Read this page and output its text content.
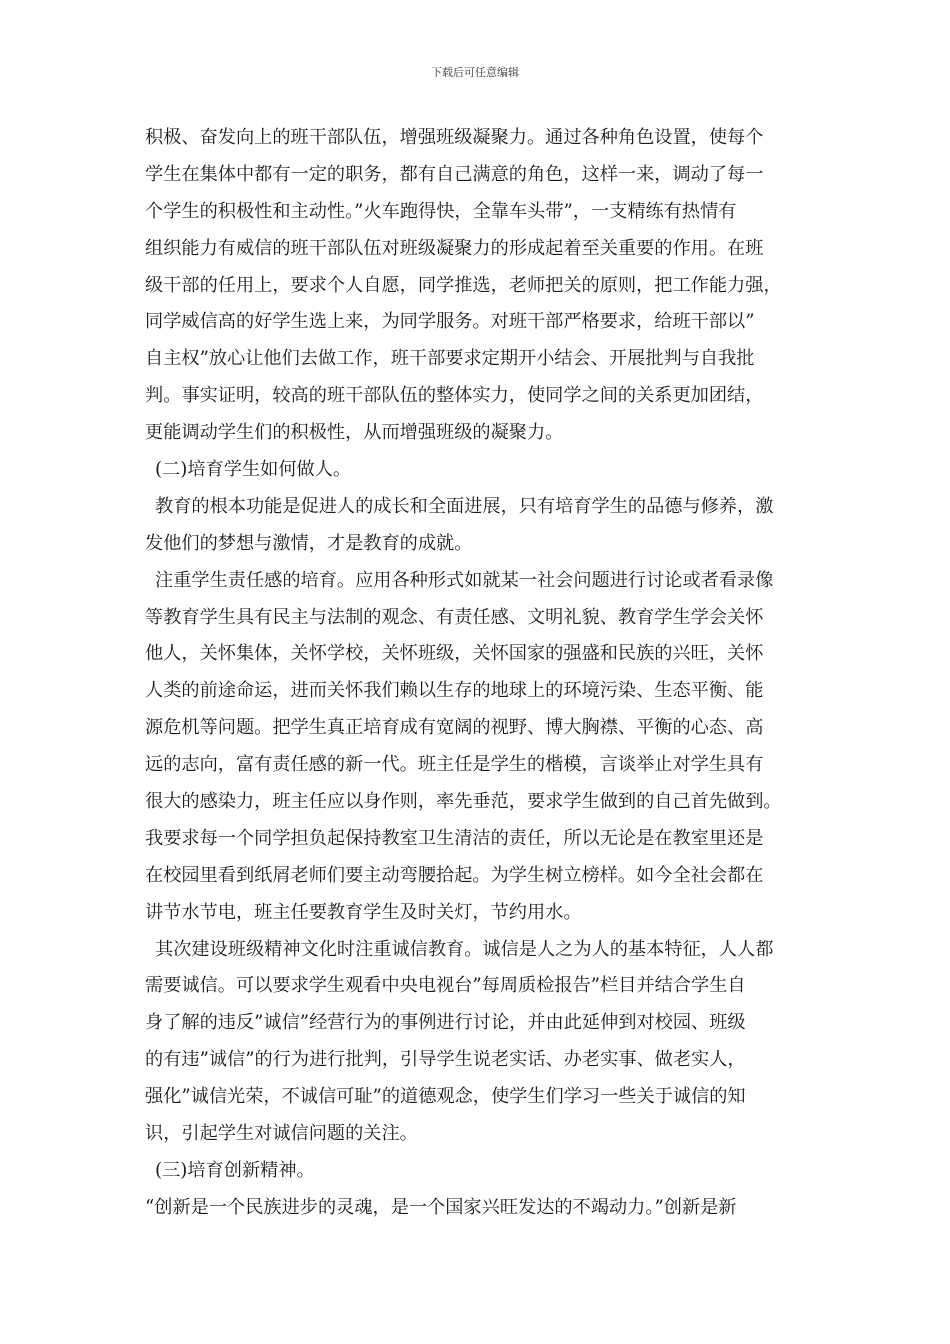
下载后可任意编辑
积极、奋发向上的班干部队伍，增强班级凝聚力。通过各种角色设置，使每个
学生在集体中都有一定的职务，都有自己满意的角色，这样一来，调动了每一
个学生的积极性和主动性。”火车跑得快，全靠车头带”，一支精练有热情有
组织能力有威信的班干部队伍对班级凝聚力的形成起着至关重要的作用。在班
级干部的任用上，要求个人自愿，同学推选，老师把关的原则，把工作能力强，
同学威信高的好学生选上来，为同学服务。对班干部严格要求，给班干部以”
自主权”放心让他们去做工作，班干部要求定期开小结会、开展批判与自我批
判。事实证明，较高的班干部队伍的整体实力，使同学之间的关系更加团结，
更能调动学生们的积极性，从而增强班级的凝聚力。
(二)培育学生如何做人。
教育的根本功能是促进人的成长和全面进展，只有培育学生的品德与修养，激
发他们的梦想与激情，才是教育的成就。
注重学生责任感的培育。应用各种形式如就某一社会问题进行讨论或者看录像
等教育学生具有民主与法制的观念、有责任感、文明礼貌、教育学生学会关怀
他人，关怀集体，关怀学校，关怀班级，关怀国家的强盛和民族的兴旺，关怀
人类的前途命运，进而关怀我们赖以生存的地球上的环境污染、生态平衡、能
源危机等问题。把学生真正培育成有宽阔的视野、博大胸襟、平衡的心态、高
远的志向，富有责任感的新一代。班主任是学生的楷模，言谈举止对学生具有
很大的感染力，班主任应以身作则，率先垂范，要求学生做到的自己首先做到。
我要求每一个同学担负起保持教室卫生清洁的责任，所以无论是在教室里还是
在校园里看到纸屑老师们要主动弯腰拾起。为学生树立榜样。如今全社会都在
讲节水节电，班主任要教育学生及时关灯，节约用水。
其次建设班级精神文化时注重诚信教育。诚信是人之为人的基本特征，人人都
需要诚信。可以要求学生观看中央电视台”每周质检报告”栏目并结合学生自
身了解的违反”诚信”经营行为的事例进行讨论，并由此延伸到对校园、班级
的有违”诚信”的行为进行批判，引导学生说老实话、办老实事、做老实人，
强化”诚信光荣，不诚信可耻”的道德观念，使学生们学习一些关于诚信的知
识，引起学生对诚信问题的关注。
(三)培育创新精神。
“创新是一个民族进步的灵魂，是一个国家兴旺发达的不竭动力。”创新是新
